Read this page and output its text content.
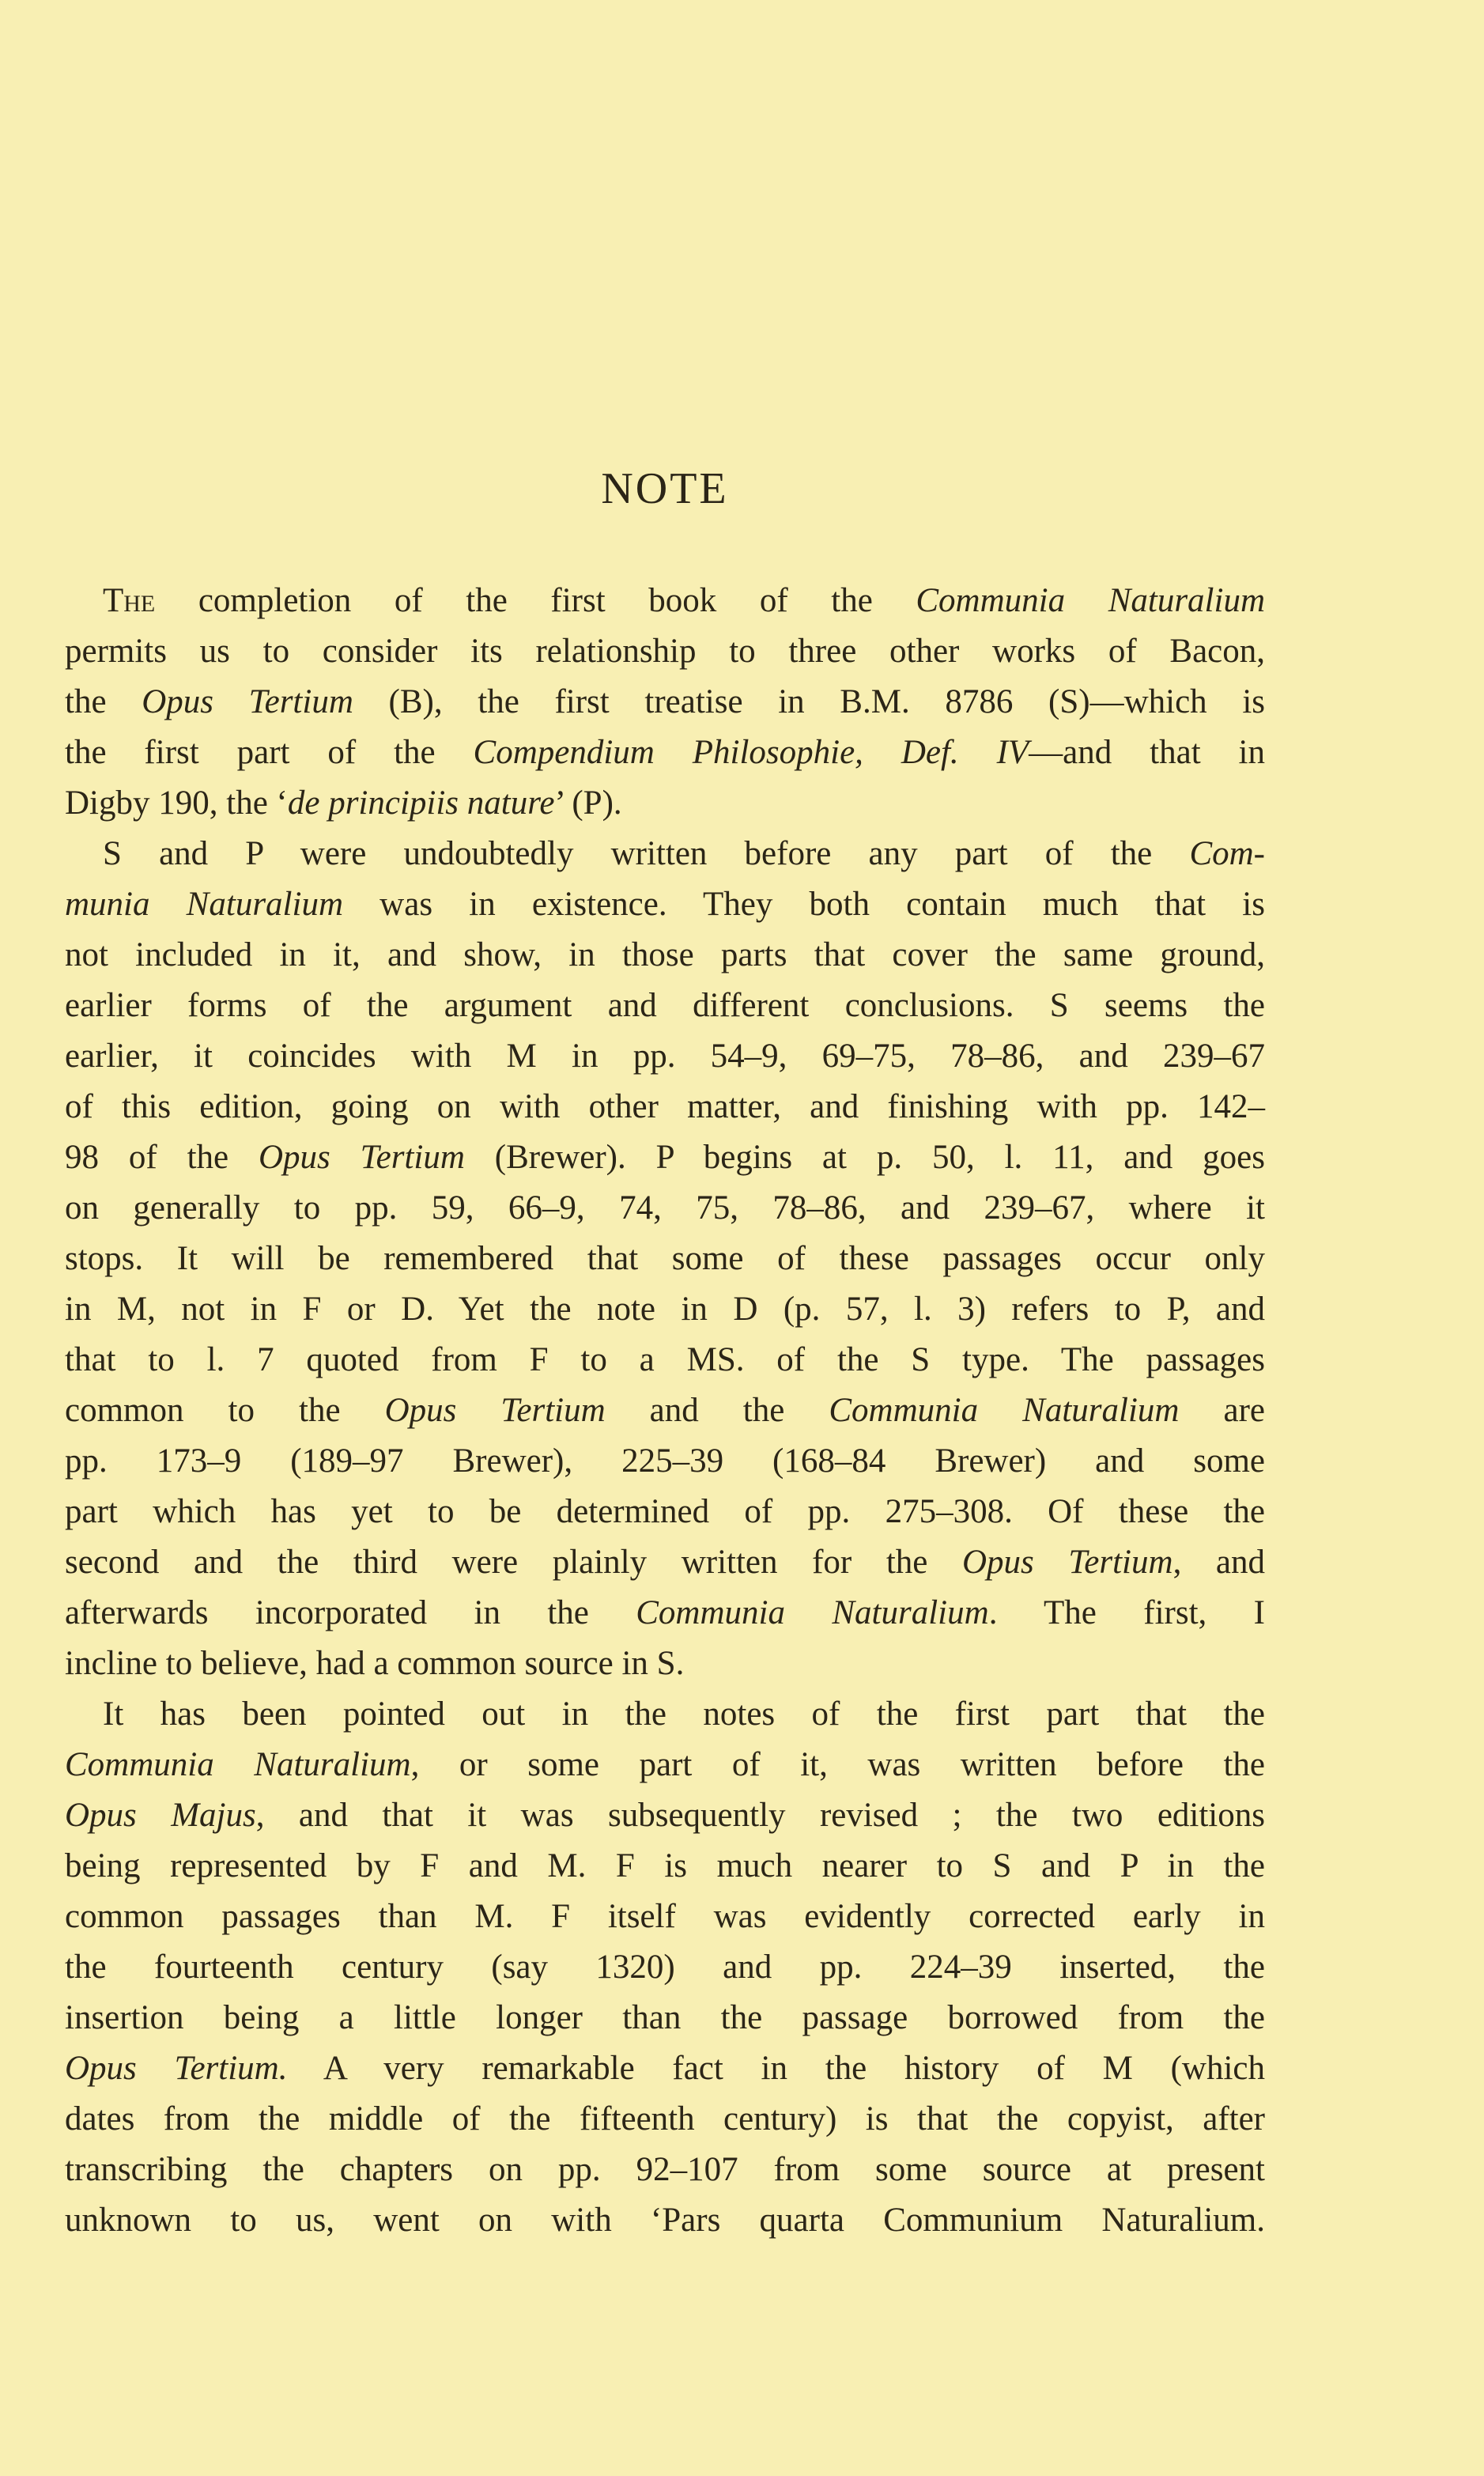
NOTE
The completion of the first book of the Communia Naturalium
permits us to consider its relationship to three other works of Bacon,
the Opus Tertium (B), the first treatise in B.M. 8786 (S)—which is
the first part of the Compendium Philosophie, Def. IV—and that in
Digby 190, the ‘de principiis nature’ (P).
S and P were undoubtedly written before any part of the Com-
munia Naturalium was in existence. They both contain much that is
not included in it, and show, in those parts that cover the same ground,
earlier forms of the argument and different conclusions. S seems the
earlier, it coincides with M in pp. 54–9, 69–75, 78–86, and 239–67
of this edition, going on with other matter, and finishing with pp. 142–
98 of the Opus Tertium (Brewer). P begins at p. 50, l. 11, and goes
on generally to pp. 59, 66–9, 74, 75, 78–86, and 239–67, where it
stops. It will be remembered that some of these passages occur only
in M, not in F or D. Yet the note in D (p. 57, l. 3) refers to P, and
that to l. 7 quoted from F to a MS. of the S type. The passages
common to the Opus Tertium and the Communia Naturalium are
pp. 173–9 (189–97 Brewer), 225–39 (168–84 Brewer) and some
part which has yet to be determined of pp. 275–308. Of these the
second and the third were plainly written for the Opus Tertium, and
afterwards incorporated in the Communia Naturalium. The first, I
incline to believe, had a common source in S.
It has been pointed out in the notes of the first part that the
Communia Naturalium, or some part of it, was written before the
Opus Majus, and that it was subsequently revised ; the two editions
being represented by F and M. F is much nearer to S and P in the
common passages than M. F itself was evidently corrected early in
the fourteenth century (say 1320) and pp. 224–39 inserted, the
insertion being a little longer than the passage borrowed from the
Opus Tertium. A very remarkable fact in the history of M (which
dates from the middle of the fifteenth century) is that the copyist, after
transcribing the chapters on pp. 92–107 from some source at present
unknown to us, went on with ‘Pars quarta Communium Naturalium.
